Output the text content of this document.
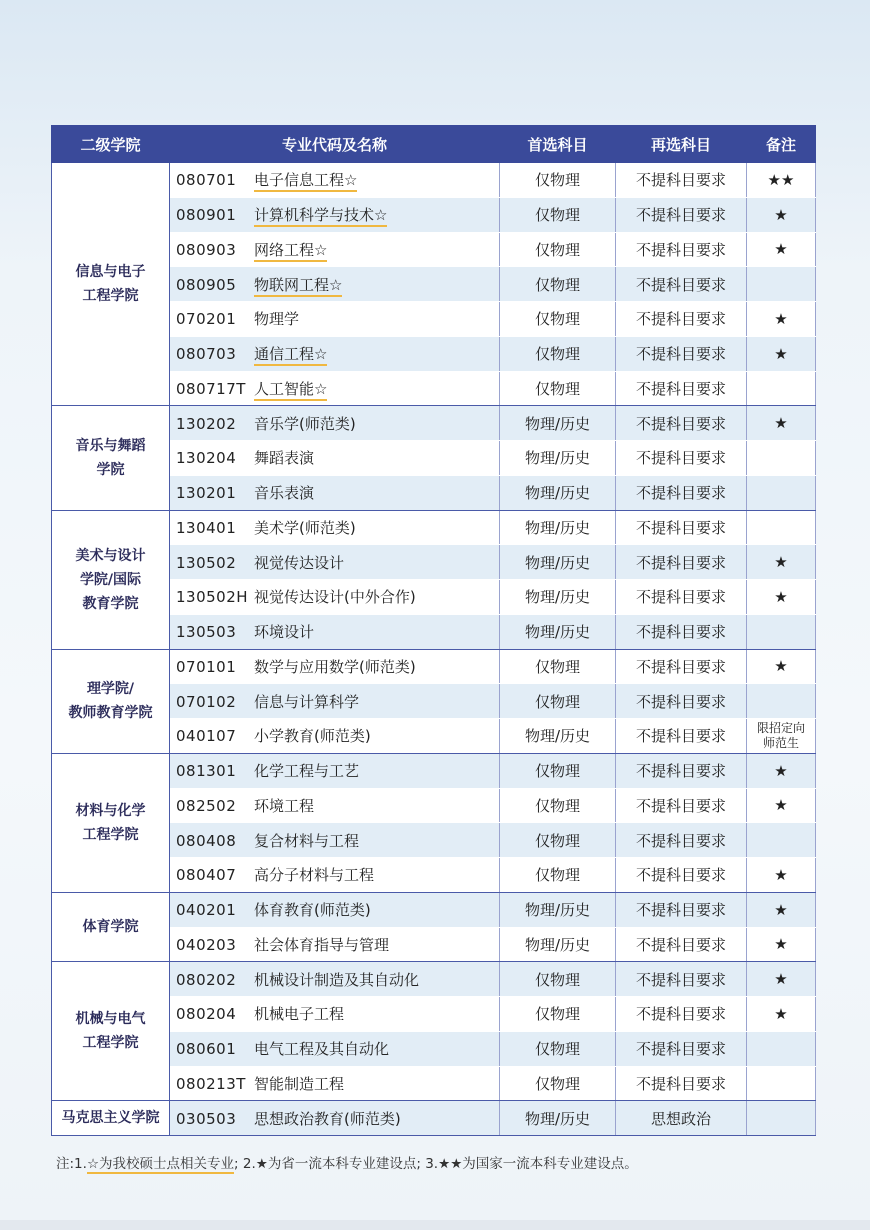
二级学院	专业代码及名称	首选科目	再选科目	备注
信息与电子
工程学院	080701 电子信息工程☆	仅物理	不提科目要求	★★
	080901 计算机科学与技术☆	仅物理	不提科目要求	★
	080903 网络工程☆	仅物理	不提科目要求	★
	080905 物联网工程☆	仅物理	不提科目要求	
	070201 物理学	仅物理	不提科目要求	★
	080703 通信工程☆	仅物理	不提科目要求	★
	080717T 人工智能☆	仅物理	不提科目要求	
音乐与舞蹈
学院	130202 音乐学(师范类)	物理/历史	不提科目要求	★
	130204 舞蹈表演	物理/历史	不提科目要求	
	130201 音乐表演	物理/历史	不提科目要求	
美术与设计
学院/国际
教育学院	130401 美术学(师范类)	物理/历史	不提科目要求	
	130502 视觉传达设计	物理/历史	不提科目要求	★
	130502H 视觉传达设计(中外合作)	物理/历史	不提科目要求	★
	130503 环境设计	物理/历史	不提科目要求	
理学院/
教师教育学院	070101 数学与应用数学(师范类)	仅物理	不提科目要求	★
	070102 信息与计算科学	仅物理	不提科目要求	
	040107 小学教育(师范类)	物理/历史	不提科目要求	限招定向
师范生
材料与化学
工程学院	081301 化学工程与工艺	仅物理	不提科目要求	★
	082502 环境工程	仅物理	不提科目要求	★
	080408 复合材料与工程	仅物理	不提科目要求	
	080407 高分子材料与工程	仅物理	不提科目要求	★
体育学院	040201 体育教育(师范类)	物理/历史	不提科目要求	★
	040203 社会体育指导与管理	物理/历史	不提科目要求	★
机械与电气
工程学院	080202 机械设计制造及其自动化	仅物理	不提科目要求	★
	080204 机械电子工程	仅物理	不提科目要求	★
	080601 电气工程及其自动化	仅物理	不提科目要求	
	080213T 智能制造工程	仅物理	不提科目要求	
马克思主义学院	030503 思想政治教育(师范类)	物理/历史	思想政治	
注:1.☆为我校硕士点相关专业; 2.★为省一流本科专业建设点; 3.★★为国家一流本科专业建设点。
